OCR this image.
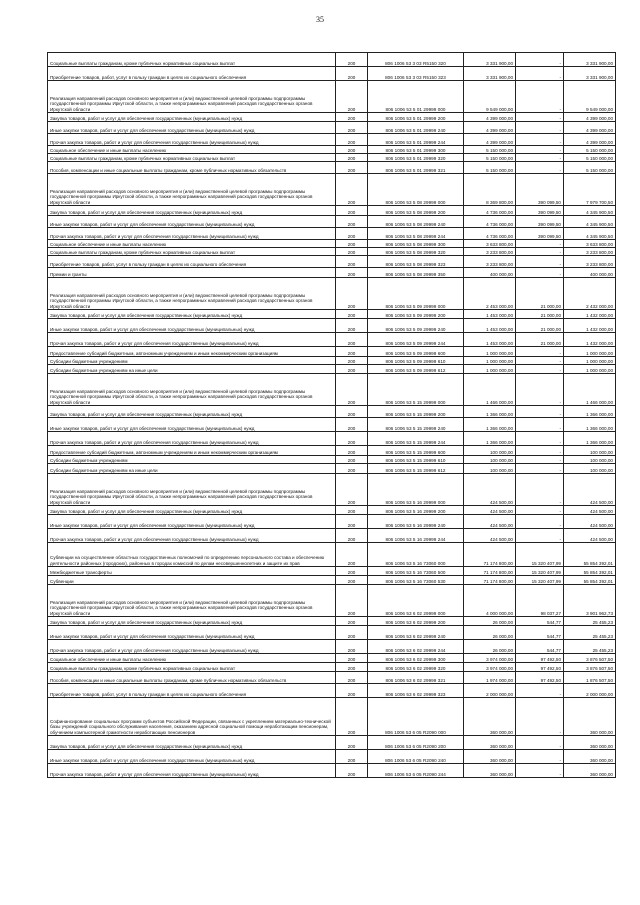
35
Социальные выплаты гражданам, кроме публичных нормативных социальных выплат	200	806 1006 53 3 03 R5150 320	3 331 900,00	-	3 331 900,00
Приобретение товаров, работ, услуг в пользу граждан в целях их социального обеспечения	200	806 1006 53 3 03 R5150 323	3 331 900,00	-	3 331 900,00
Реализация направлений расходов основного мероприятия и (или) ведомственной целевой программы подпрограммы государственной программы Иркутской области, а также непрограммных направлений расходов государственных органов Иркутской области	200	806 1006 53 5 01 29999 000	9 549 000,00	-	9 549 000,00
Закупка товаров, работ и услуг для обеспечения государственных (муниципальных) нужд	200	806 1006 53 5 01 29999 200	4 399 000,00	-	4 399 000,00
Иные закупки товаров, работ и услуг для обеспечения государственных (муниципальных) нужд	200	806 1006 53 5 01 29999 240	4 399 000,00	-	4 399 000,00
Прочая закупка товаров, работ и услуг для обеспечения государственных (муниципальных) нужд	200	806 1006 53 5 01 29999 244	4 399 000,00	-	4 399 000,00
Социальное обеспечение и иные выплаты населению	200	806 1006 53 5 01 29999 300	5 150 000,00	-	5 150 000,00
Социальные выплаты гражданам, кроме публичных нормативных социальных выплат	200	806 1006 53 5 01 29999 320	5 150 000,00	-	5 150 000,00
Пособия, компенсации и иные социальные выплаты гражданам, кроме публичных нормативных обязательств	200	806 1006 53 5 01 29999 321	5 150 000,00	-	5 150 000,00
Реализация направлений расходов основного мероприятия и (или) ведомственной целевой программы подпрограммы государственной программы Иркутской области, а также непрограммных направлений расходов государственных органов Иркутской области	200	806 1006 53 5 08 29999 000	8 369 800,00	390 099,50	7 979 700,50
Закупка товаров, работ и услуг для обеспечения государственных (муниципальных) нужд	200	806 1006 53 5 08 29999 200	4 736 000,00	390 099,50	4 345 900,50
Иные закупки товаров, работ и услуг для обеспечения государственных (муниципальных) нужд	200	806 1006 53 5 08 29999 240	4 736 000,00	390 099,50	4 345 900,50
Прочая закупка товаров, работ и услуг для обеспечения государственных (муниципальных) нужд	200	806 1006 53 5 08 29999 244	4 736 000,00	390 099,50	4 345 900,50
Социальное обеспечение и иные выплаты населению	200	806 1006 53 5 08 29999 300	3 633 800,00	-	3 633 800,00
Социальные выплаты гражданам, кроме публичных нормативных социальных выплат	200	806 1006 53 5 08 29999 320	3 233 800,00	-	3 233 800,00
Приобретение товаров, работ, услуг в пользу граждан в целях их социального обеспечения	200	806 1006 53 5 08 29999 323	3 233 800,00	-	3 233 800,00
Премии и гранты	200	806 1006 53 5 08 29999 350	400 000,00	-	400 000,00
Реализация направлений расходов основного мероприятия и (или) ведомственной целевой программы подпрограммы государственной программы Иркутской области, а также непрограммных направлений расходов государственных органов Иркутской области	200	806 1006 53 5 09 29999 000	2 453 000,00	21 000,00	2 432 000,00
Закупка товаров, работ и услуг для обеспечения государственных (муниципальных) нужд	200	806 1006 53 5 09 29999 200	1 453 000,00	21 000,00	1 432 000,00
Иные закупки товаров, работ и услуг для обеспечения государственных (муниципальных) нужд	200	806 1006 53 5 09 29999 240	1 453 000,00	21 000,00	1 432 000,00
Прочая закупка товаров, работ и услуг для обеспечения государственных (муниципальных) нужд	200	806 1006 53 5 09 29999 244	1 453 000,00	21 000,00	1 432 000,00
Предоставление субсидий бюджетным, автономным учреждениям и иным некоммерческим организациям	200	806 1006 53 5 09 29999 600	1 000 000,00	-	1 000 000,00
Субсидии бюджетным учреждениям	200	806 1006 53 5 09 29999 610	1 000 000,00	-	1 000 000,00
Субсидии бюджетным учреждениям на иные цели	200	806 1006 53 5 09 29999 612	1 000 000,00	-	1 000 000,00
Реализация направлений расходов основного мероприятия и (или) ведомственной целевой программы подпрограммы государственной программы Иркутской области, а также непрограммных направлений расходов государственных органов Иркутской области	200	806 1006 53 5 15 29999 000	1 466 000,00	-	1 466 000,00
Закупка товаров, работ и услуг для обеспечения государственных (муниципальных) нужд	200	806 1006 53 5 15 29999 200	1 366 000,00	-	1 366 000,00
Иные закупки товаров, работ и услуг для обеспечения государственных (муниципальных) нужд	200	806 1006 53 5 15 29999 240	1 366 000,00	-	1 366 000,00
Прочая закупка товаров, работ и услуг для обеспечения государственных (муниципальных) нужд	200	806 1006 53 5 15 29999 244	1 366 000,00	-	1 366 000,00
Предоставление субсидий бюджетным, автономным учреждениям и иным некоммерческим организациям	200	806 1006 53 5 15 29999 600	100 000,00	-	100 000,00
Субсидии бюджетным учреждениям	200	806 1006 53 5 15 29999 610	100 000,00	-	100 000,00
Субсидии бюджетным учреждениям на иные цели	200	806 1006 53 5 15 29999 612	100 000,00	-	100 000,00
Реализация направлений расходов основного мероприятия и (или) ведомственной целевой программы подпрограммы государственной программы Иркутской области, а также непрограммных направлений расходов государственных органов Иркутской области	200	806 1006 53 5 16 29999 000	424 500,00	-	424 500,00
Закупка товаров, работ и услуг для обеспечения государственных (муниципальных) нужд	200	806 1006 53 5 16 29999 200	424 500,00	-	424 500,00
Иные закупки товаров, работ и услуг для обеспечения государственных (муниципальных) нужд	200	806 1006 53 5 16 29999 240	424 500,00	-	424 500,00
Прочая закупка товаров, работ и услуг для обеспечения государственных (муниципальных) нужд	200	806 1006 53 5 16 29999 244	424 500,00	-	424 500,00
Субвенции на осуществление областных государственных полномочий по определению персонального состава и обеспечению деятельности районных (городских), районных в городах комиссий по делам несовершеннолетних и защите их прав	200	806 1006 53 5 16 73060 000	71 174 800,00	15 320 407,99	55 854 392,01
Межбюджетные трансферты	200	806 1006 53 5 16 73060 500	71 174 800,00	15 320 407,99	55 854 392,01
Субвенции	200	806 1006 53 5 16 73060 530	71 174 800,00	15 320 407,99	55 854 392,01
Реализация направлений расходов основного мероприятия и (или) ведомственной целевой программы подпрограммы государственной программы Иркутской области, а также непрограммных направлений расходов государственных органов Иркутской области	200	806 1006 53 6 02 29999 000	4 000 000,00	98 037,27	3 901 962,73
Закупка товаров, работ и услуг для обеспечения государственных (муниципальных) нужд	200	806 1006 53 6 02 29999 200	26 000,00	544,77	25 455,23
Иные закупки товаров, работ и услуг для обеспечения государственных (муниципальных) нужд	200	806 1006 53 6 02 29999 240	26 000,00	544,77	25 455,23
Прочая закупка товаров, работ и услуг для обеспечения государственных (муниципальных) нужд	200	806 1006 53 6 02 29999 244	26 000,00	544,77	25 455,23
Социальное обеспечение и иные выплаты населению	200	806 1006 53 6 02 29999 300	3 974 000,00	97 492,50	3 876 507,50
Социальные выплаты гражданам, кроме публичных нормативных социальных выплат	200	806 1006 53 6 02 29999 320	3 974 000,00	97 492,50	3 876 507,50
Пособия, компенсации и иные социальные выплаты гражданам, кроме публичных нормативных обязательств	200	806 1006 53 6 02 29999 321	1 974 000,00	97 492,50	1 876 507,50
Приобретение товаров, работ, услуг в пользу граждан в целях их социального обеспечения	200	806 1006 53 6 02 29999 323	2 000 000,00	-	2 000 000,00
Софинансирование социальных программ субъектов Российской Федерации, связанных с укреплением материально-технической базы учреждений социального обслуживания населения, оказанием адресной социальной помощи неработающим пенсионерам, обучением компьютерной грамотности неработающих пенсионеров	200	806 1006 53 6 05 R2090 000	360 000,00	-	360 000,00
Закупка товаров, работ и услуг для обеспечения государственных (муниципальных) нужд	200	806 1006 53 6 05 R2090 200	360 000,00	-	360 000,00
Иные закупки товаров, работ и услуг для обеспечения государственных (муниципальных) нужд	200	806 1006 53 6 05 R2090 240	360 000,00	-	360 000,00
Прочая закупка товаров, работ и услуг для обеспечения государственных (муниципальных) нужд	200	806 1006 53 6 05 R2090 244	360 000,00	-	360 000,00
